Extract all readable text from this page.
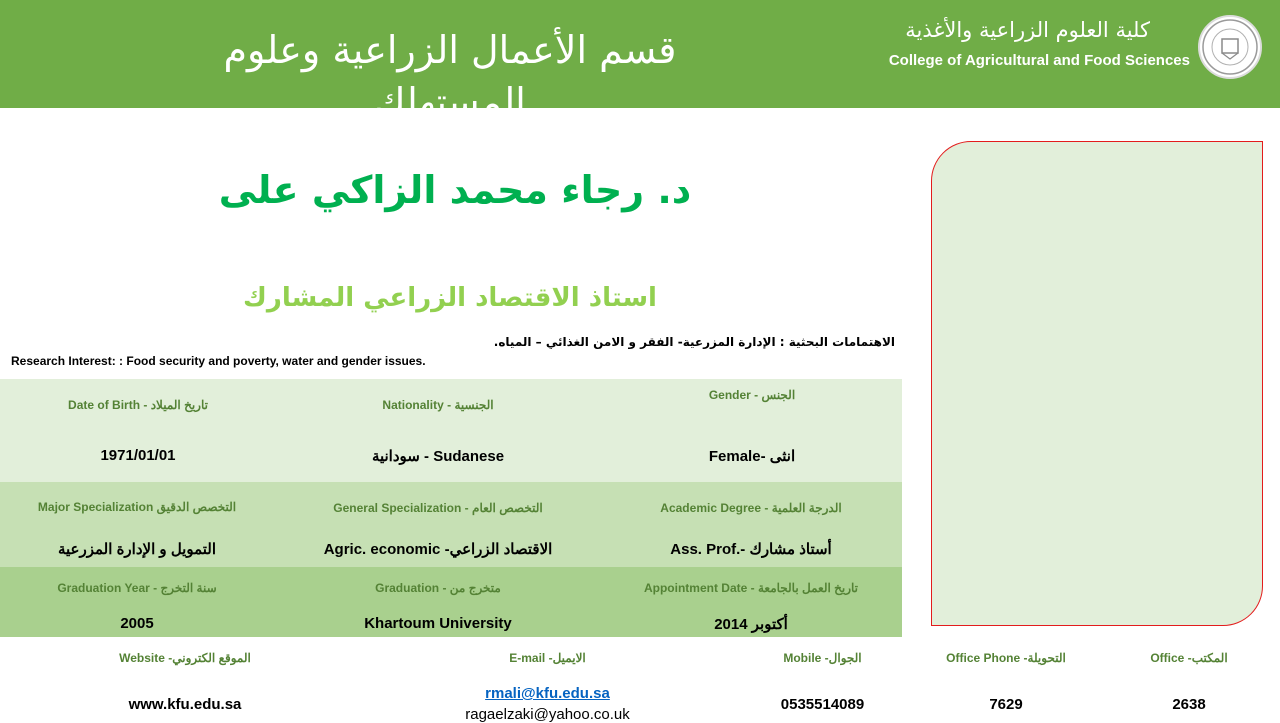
قسم الأعمال الزراعية وعلوم المستهلك
كلية العلوم الزراعية والأغذية
College of Agricultural and Food Sciences
د. رجاء محمد الزاكي على
استاذ الاقتصاد الزراعي المشارك
الاهتمامات البحثية : الإدارة المزرعية- الفقر و الامن الغذائي – المياه.
Research Interest: : Food security and poverty, water and gender issues.
Date of Birth - تاريخ الميلاد
1971/01/01
Nationality - الجنسية
سودانية - Sudanese
Gender - الجنس
Female- انثى
Major Specialization التخصص الدقيق
التمويل و الإدارة المزرعية
General Specialization - التخصص العام
Agric. economic -الاقتصاد الزراعي
Academic Degree - الدرجة العلمية
Ass. Prof.- أستاذ مشارك
Graduation Year - سنة التخرج
2005
Graduation - متخرج من
Khartoum University
Appointment Date - تاريخ العمل بالجامعة
أكتوبر 2014
Website -الموقع الكتروني
www.kfu.edu.sa
E-mail -الايميل
rmali@kfu.edu.sa
ragaelzaki@yahoo.co.uk
Mobile -الجوال
0535514089
Office Phone -التحويلة
7629
Office -المكتب
2638
